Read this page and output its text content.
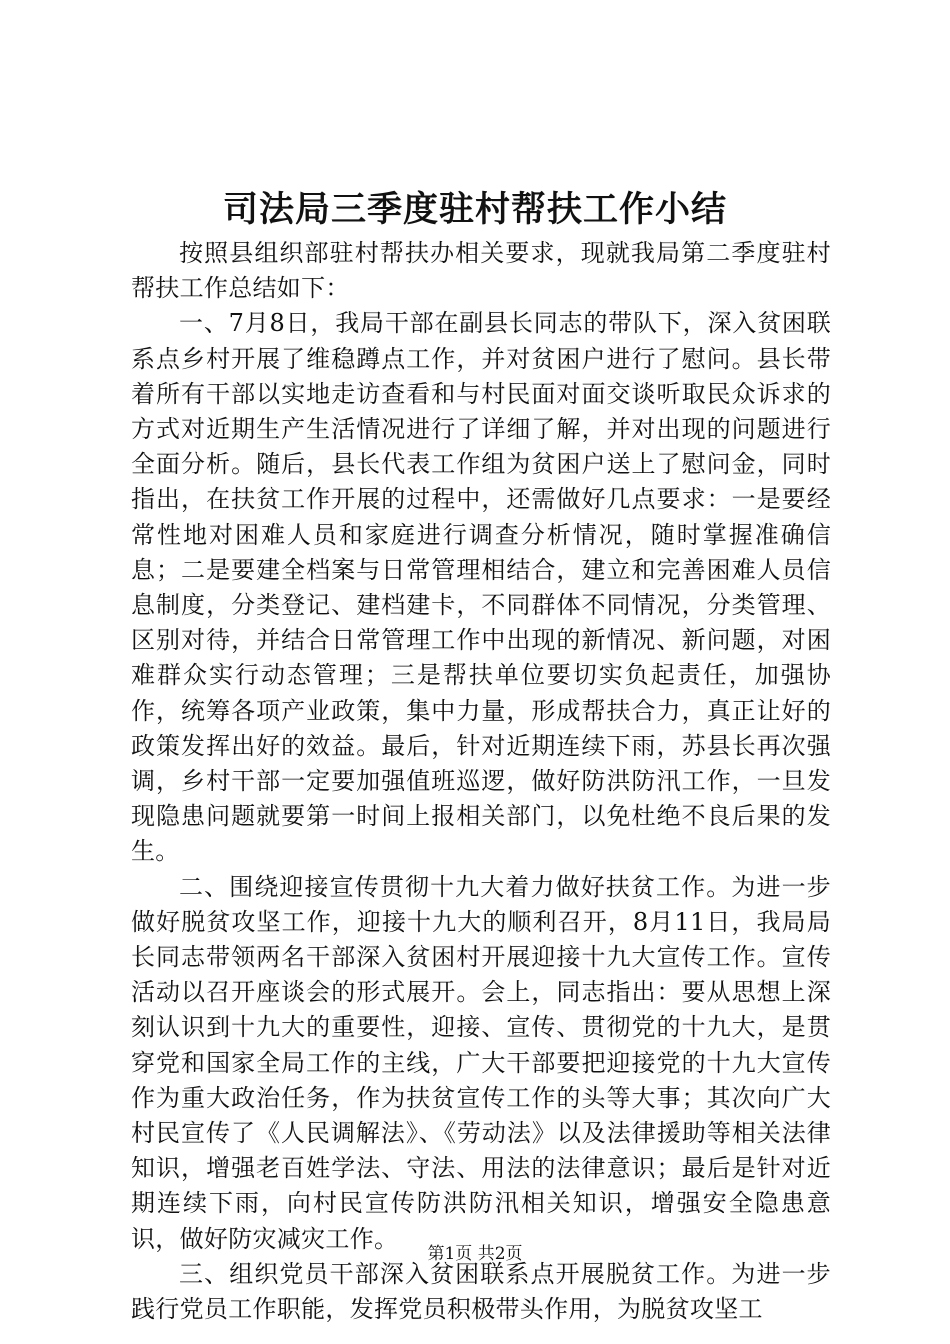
司法局三季度驻村帮扶工作小结

按照县组织部驻村帮扶办相关要求，现就我局第二季度驻村帮扶工作总结如下：

一、7月8日，我局干部在副县长同志的带队下，深入贫困联系点乡村开展了维稳蹲点工作，并对贫困户进行了慰问。县长带着所有干部以实地走访查看和与村民面对面交谈听取民众诉求的方式对近期生产生活情况进行了详细了解，并对出现的问题进行全面分析。随后，县长代表工作组为贫困户送上了慰问金，同时指出，在扶贫工作开展的过程中，还需做好几点要求：一是要经常性地对困难人员和家庭进行调查分析情况，随时掌握准确信息；二是要建全档案与日常管理相结合，建立和完善困难人员信息制度，分类登记、建档建卡，不同群体不同情况，分类管理、区别对待，并结合日常管理工作中出现的新情况、新问题，对困难群众实行动态管理；三是帮扶单位要切实负起责任，加强协作，统筹各项产业政策，集中力量，形成帮扶合力，真正让好的政策发挥出好的效益。最后，针对近期连续下雨，苏县长再次强调，乡村干部一定要加强值班巡逻，做好防洪防汛工作，一旦发现隐患问题就要第一时间上报相关部门，以免杜绝不良后果的发生。

二、围绕迎接宣传贯彻十九大着力做好扶贫工作。为进一步做好脱贫攻坚工作，迎接十九大的顺利召开，8月11日，我局局长同志带领两名干部深入贫困村开展迎接十九大宣传工作。宣传活动以召开座谈会的形式展开。会上，同志指出：要从思想上深刻认识到十九大的重要性，迎接、宣传、贯彻党的十九大，是贯穿党和国家全局工作的主线，广大干部要把迎接党的十九大宣传作为重大政治任务，作为扶贫宣传工作的头等大事；其次向广大村民宣传了《人民调解法》、《劳动法》以及法律援助等相关法律知识，增强老百姓学法、守法、用法的法律意识；最后是针对近期连续下雨，向村民宣传防洪防汛相关知识，增强安全隐患意识，做好防灾减灾工作。

三、组织党员干部深入贫困联系点开展脱贫工作。为进一步践行党员工作职能，发挥党员积极带头作用，为脱贫攻坚工

第1页 共2页
